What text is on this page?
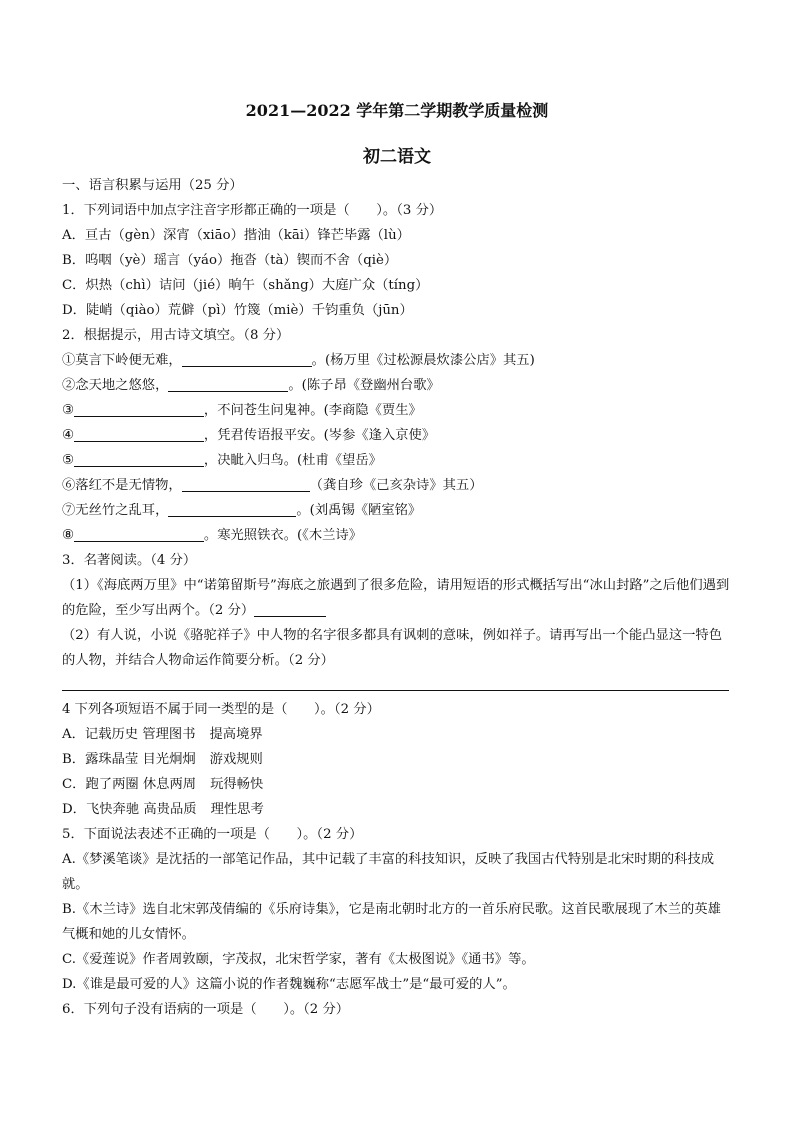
2021—2022 学年第二学期教学质量检测
初二语文
一、语言积累与运用（25 分）
1．下列词语中加点字注音字形都正确的一项是（　　）。（3 分）
A．亘古（gèn）深宵（xiāo）揩油（kāi）锋芒毕露（lù）
B．呜咽（yè）瑶言（yáo）拖沓（tà）锲而不舍（qiè）
C．炽热（chì）诘问（jié）晌午（shǎng）大庭广众（tíng）
D．陡峭（qiào）荒僻（pì）竹篾（miè）千钧重负（jūn）
2．根据提示，用古诗文填空。（8 分）
①莫言下岭便无难，	。(杨万里《过松源晨炊漆公店》其五)
②念天地之悠悠，	。(陈子昂《登幽州台歌》
③	，不问苍生问鬼神。(李商隐《贾生》
④	，凭君传语报平安。(岑参《逢入京使》
⑤	，决眦入归鸟。(杜甫《望岳》
⑥落红不是无情物，	（龚自珍《己亥杂诗》其五）
⑦无丝竹之乱耳，	。(刘禹锡《陋室铭》
⑧	。寒光照铁衣。(《木兰诗》
3．名著阅读。（4 分）
（1）《海底两万里》中“诺第留斯号”海底之旅遇到了很多危险，请用短语的形式概括写出“冰山封路”之后他们遇到的危险，至少写出两个。（2 分）
（2）有人说，小说《骆驼祥子》中人物的名字很多都具有讽刺的意味，例如祥子。请再写出一个能凸显这一特色的人物，并结合人物命运作简要分析。（2 分）
4 下列各项短语不属于同一类型的是（　　）。（2 分）
A．记载历史 管理图书 提高境界
B．露珠晶莹 目光炯炯 游戏规则
C．跑了两圈 休息两周 玩得畅快
D．飞快奔驰 高贵品质 理性思考
5．下面说法表述不正确的一项是（　　）。（2 分）
A.《梦溪笔谈》是沈括的一部笔记作品，其中记载了丰富的科技知识，反映了我国古代特别是北宋时期的科技成就。
B.《木兰诗》选自北宋郭茂倩编的《乐府诗集》，它是南北朝时北方的一首乐府民歌。这首民歌展现了木兰的英雄气概和她的儿女情怀。
C.《爱莲说》作者周敦颐，字茂叔，北宋哲学家，著有《太极图说》《通书》等。
D.《谁是最可爱的人》这篇小说的作者魏巍称“志愿军战士”是“最可爱的人”。
6．下列句子没有语病的一项是（　　）。（2 分）
